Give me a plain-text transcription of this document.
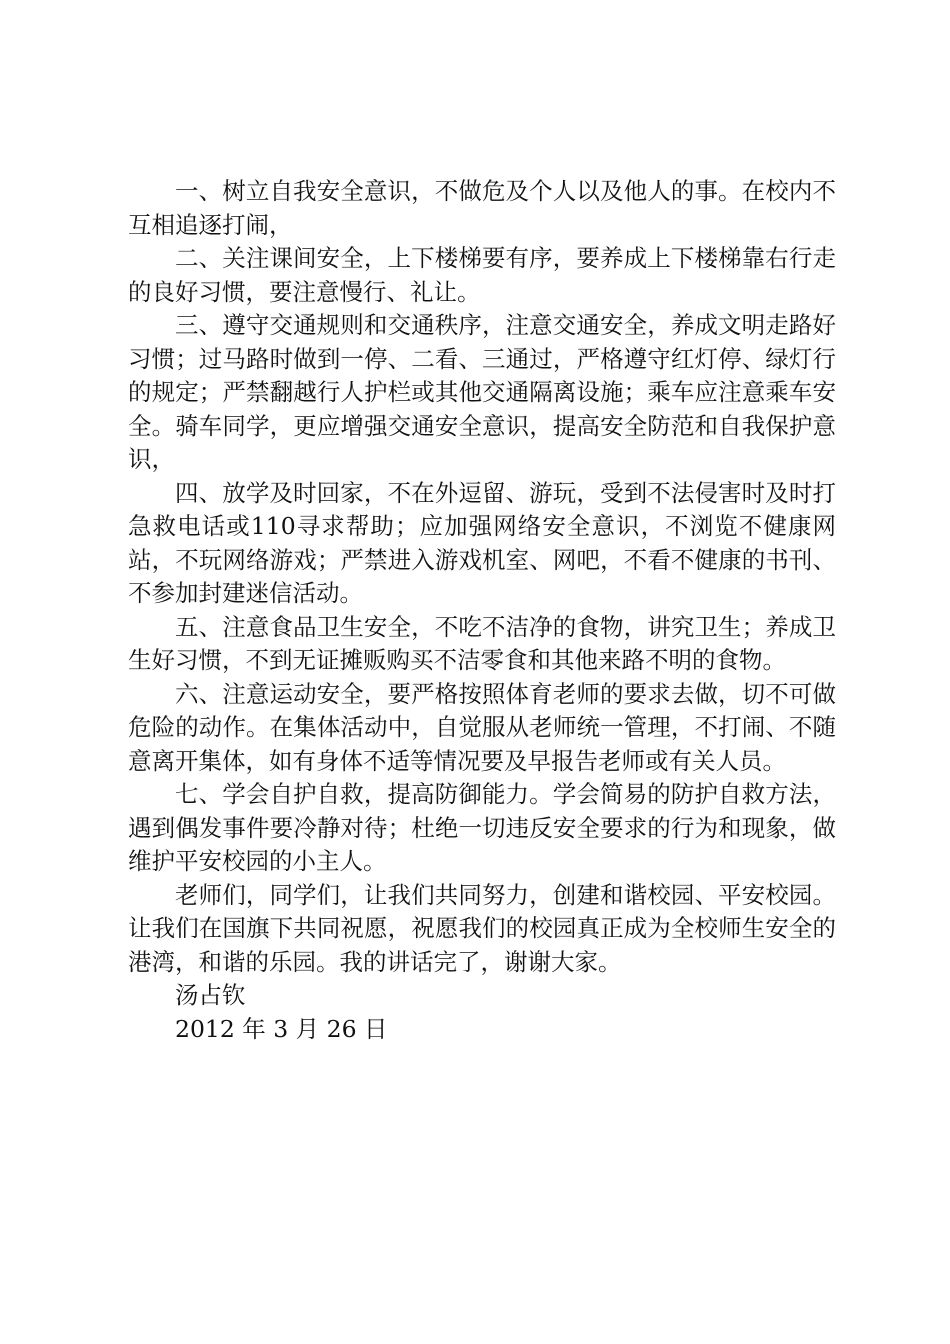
一、树立自我安全意识，不做危及个人以及他人的事。在校内不互相追逐打闹，

二、关注课间安全，上下楼梯要有序，要养成上下楼梯靠右行走的良好习惯，要注意慢行、礼让。

三、遵守交通规则和交通秩序，注意交通安全，养成文明走路好习惯；过马路时做到一停、二看、三通过，严格遵守红灯停、绿灯行的规定；严禁翻越行人护栏或其他交通隔离设施；乘车应注意乘车安全。骑车同学，更应增强交通安全意识，提高安全防范和自我保护意识，

四、放学及时回家，不在外逗留、游玩，受到不法侵害时及时打急救电话或110寻求帮助；应加强网络安全意识，不浏览不健康网站，不玩网络游戏；严禁进入游戏机室、网吧，不看不健康的书刊、不参加封建迷信活动。

五、注意食品卫生安全，不吃不洁净的食物，讲究卫生；养成卫生好习惯，不到无证摊贩购买不洁零食和其他来路不明的食物。

六、注意运动安全，要严格按照体育老师的要求去做，切不可做危险的动作。在集体活动中，自觉服从老师统一管理，不打闹、不随意离开集体，如有身体不适等情况要及早报告老师或有关人员。

七、学会自护自救，提高防御能力。学会简易的防护自救方法，遇到偶发事件要冷静对待；杜绝一切违反安全要求的行为和现象，做维护平安校园的小主人。

老师们，同学们，让我们共同努力，创建和谐校园、平安校园。让我们在国旗下共同祝愿，祝愿我们的校园真正成为全校师生安全的港湾，和谐的乐园。我的讲话完了，谢谢大家。

汤占钦

2012 年 3 月 26 日
